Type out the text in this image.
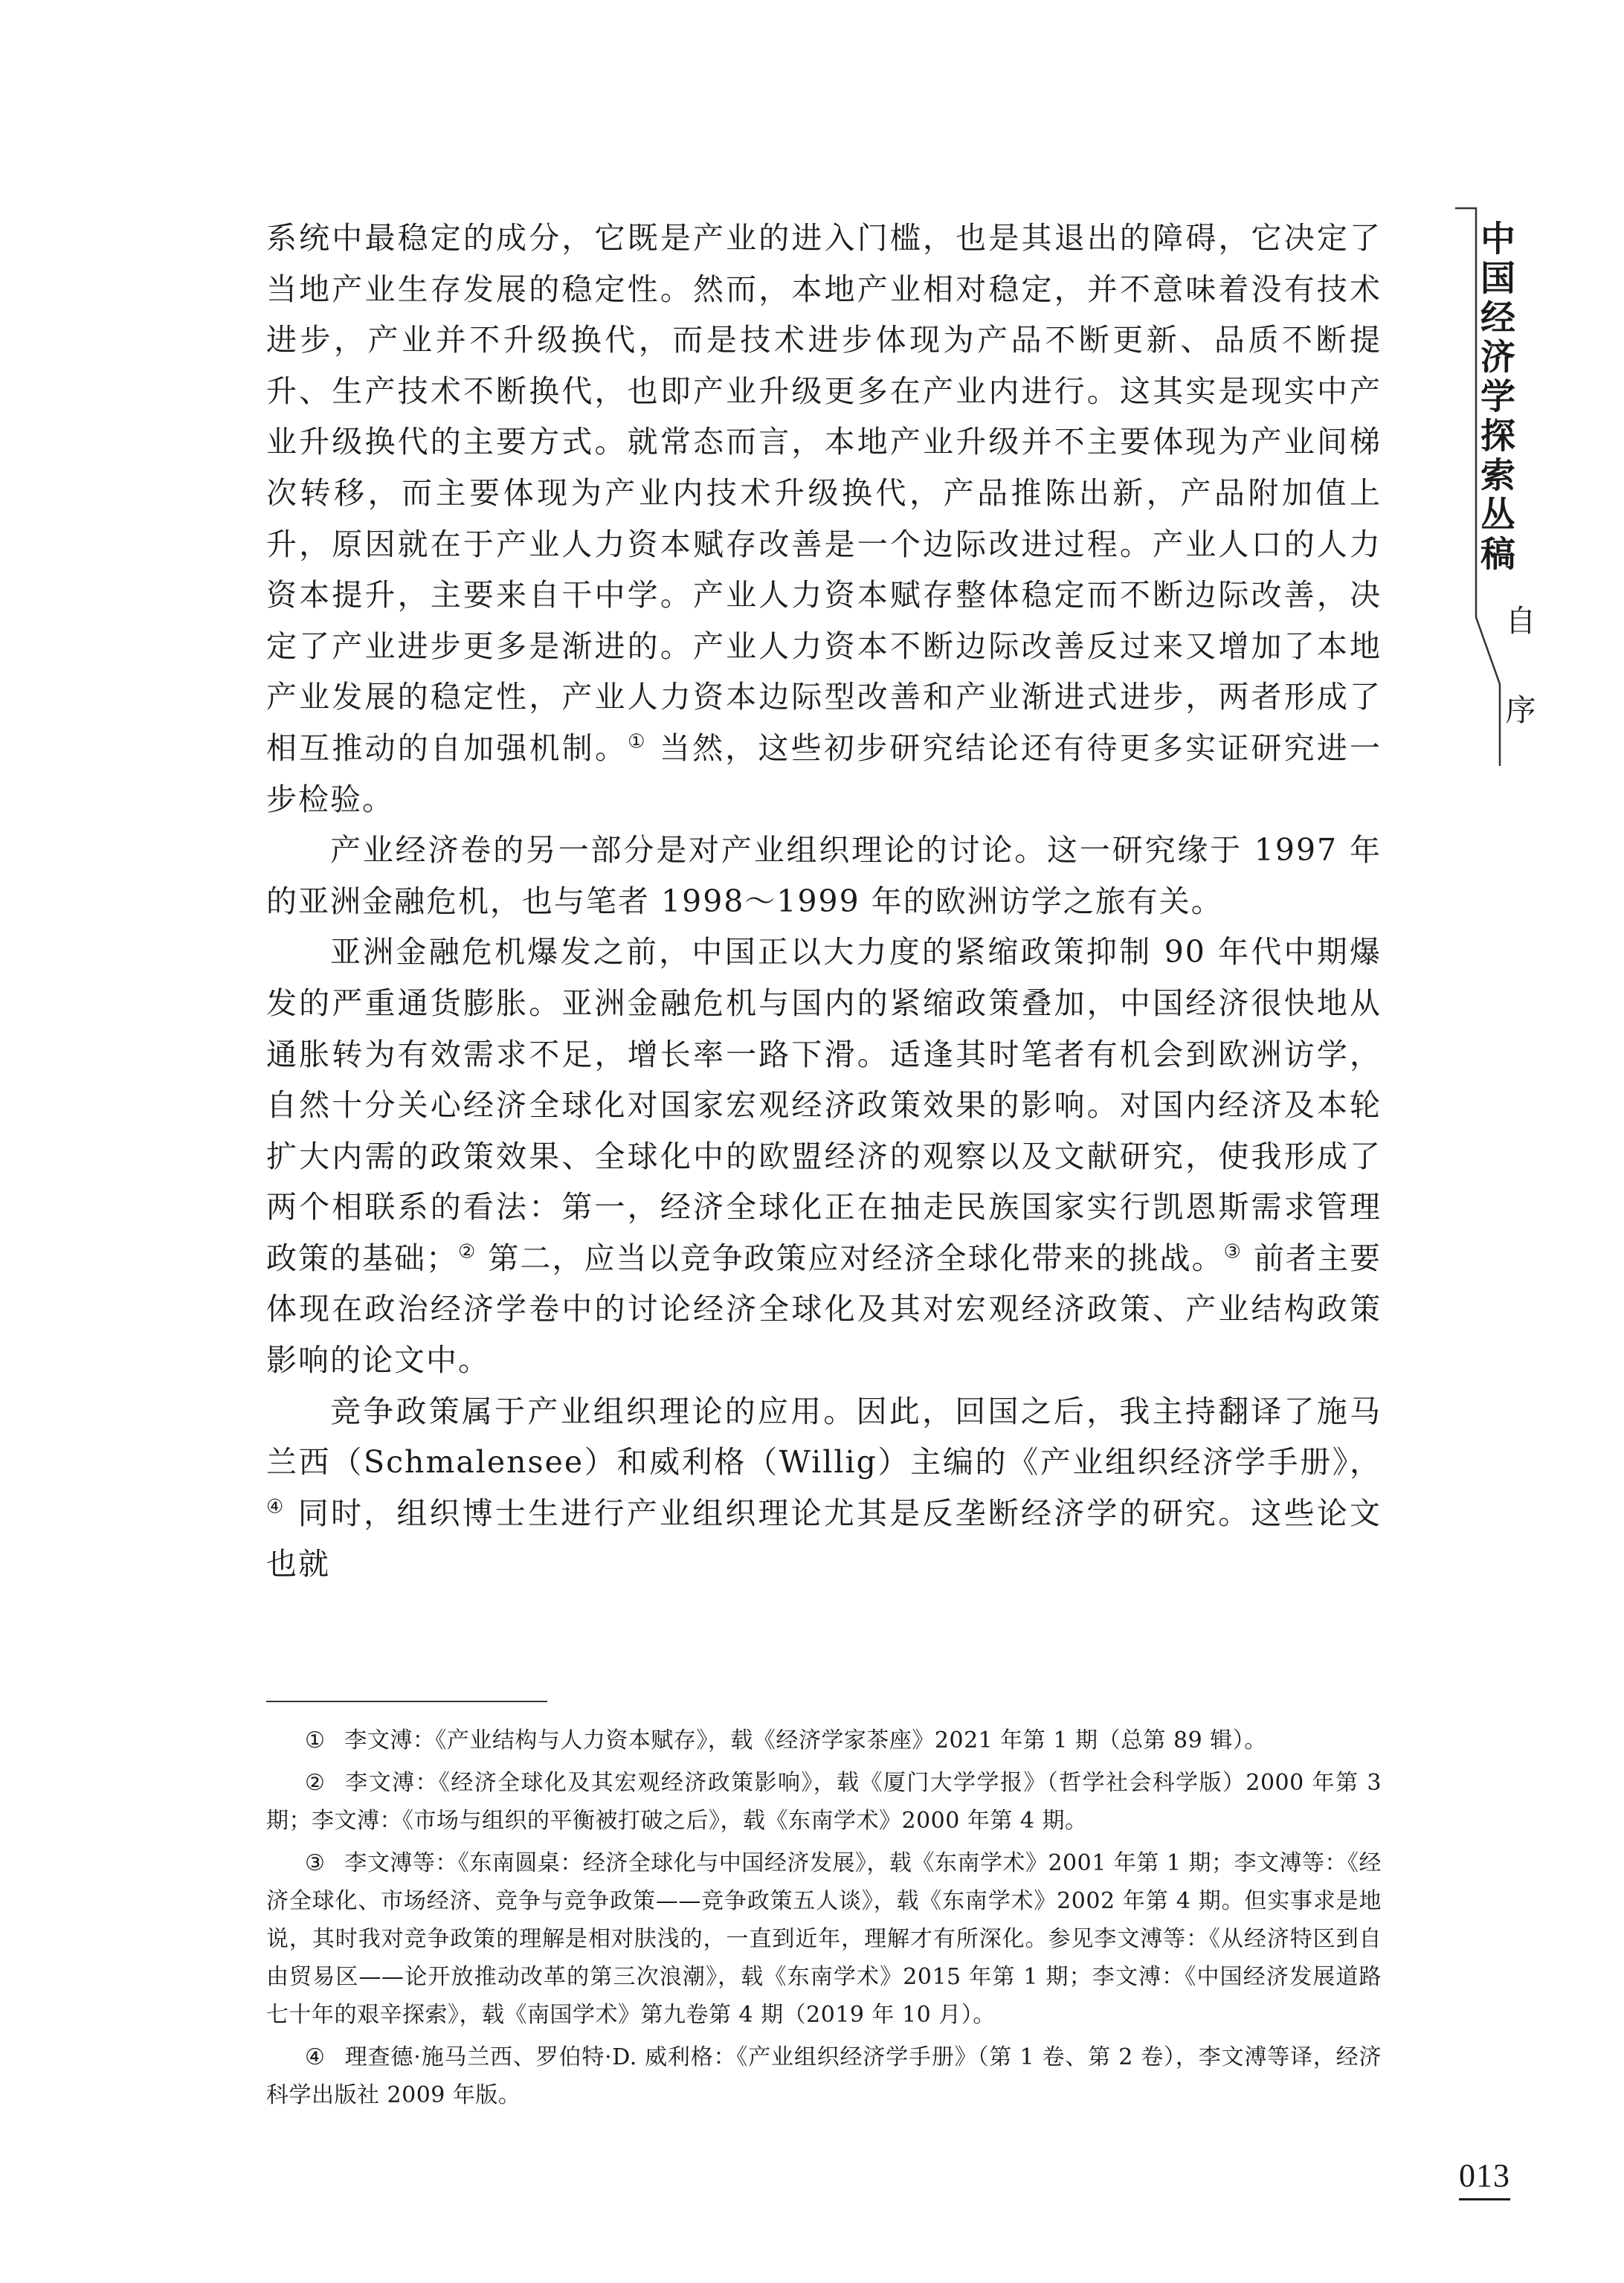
系统中最稳定的成分，它既是产业的进入门槛，也是其退出的障碍，它决定了当地产业生存发展的稳定性。然而，本地产业相对稳定，并不意味着没有技术进步，产业并不升级换代，而是技术进步体现为产品不断更新、品质不断提升、生产技术不断换代，也即产业升级更多在产业内进行。这其实是现实中产业升级换代的主要方式。就常态而言，本地产业升级并不主要体现为产业间梯次转移，而主要体现为产业内技术升级换代，产品推陈出新，产品附加值上升，原因就在于产业人力资本赋存改善是一个边际改进过程。产业人口的人力资本提升，主要来自干中学。产业人力资本赋存整体稳定而不断边际改善，决定了产业进步更多是渐进的。产业人力资本不断边际改善反过来又增加了本地产业发展的稳定性，产业人力资本边际型改善和产业渐进式进步，两者形成了相互推动的自加强机制。① 当然，这些初步研究结论还有待更多实证研究进一步检验。

产业经济卷的另一部分是对产业组织理论的讨论。这一研究缘于 1997 年的亚洲金融危机，也与笔者 1998～1999 年的欧洲访学之旅有关。

亚洲金融危机爆发之前，中国正以大力度的紧缩政策抑制 90 年代中期爆发的严重通货膨胀。亚洲金融危机与国内的紧缩政策叠加，中国经济很快地从通胀转为有效需求不足，增长率一路下滑。适逢其时笔者有机会到欧洲访学，自然十分关心经济全球化对国家宏观经济政策效果的影响。对国内经济及本轮扩大内需的政策效果、全球化中的欧盟经济的观察以及文献研究，使我形成了两个相联系的看法：第一，经济全球化正在抽走民族国家实行凯恩斯需求管理政策的基础；② 第二，应当以竞争政策应对经济全球化带来的挑战。③ 前者主要体现在政治经济学卷中的讨论经济全球化及其对宏观经济政策、产业结构政策影响的论文中。

竞争政策属于产业组织理论的应用。因此，回国之后，我主持翻译了施马兰西（Schmalensee）和威利格（Willig）主编的《产业组织经济学手册》，④ 同时，组织博士生进行产业组织理论尤其是反垄断经济学的研究。这些论文也就

① 李文溥：《产业结构与人力资本赋存》，载《经济学家茶座》2021 年第 1 期（总第 89 辑）。

② 李文溥：《经济全球化及其宏观经济政策影响》，载《厦门大学学报》（哲学社会科学版）2000 年第 3 期；李文溥：《市场与组织的平衡被打破之后》，载《东南学术》2000 年第 4 期。

③ 李文溥等：《东南圆桌：经济全球化与中国经济发展》，载《东南学术》2001 年第 1 期；李文溥等：《经济全球化、市场经济、竞争与竞争政策——竞争政策五人谈》，载《东南学术》2002 年第 4 期。但实事求是地说，其时我对竞争政策的理解是相对肤浅的，一直到近年，理解才有所深化。参见李文溥等：《从经济特区到自由贸易区——论开放推动改革的第三次浪潮》，载《东南学术》2015 年第 1 期；李文溥：《中国经济发展道路七十年的艰辛探索》，载《南国学术》第九卷第 4 期（2019 年 10 月）。

④ 理查德·施马兰西、罗伯特·D. 威利格：《产业组织经济学手册》（第 1 卷、第 2 卷），李文溥等译，经济科学出版社 2009 年版。

中国经济学探索丛稿
自
序
013
